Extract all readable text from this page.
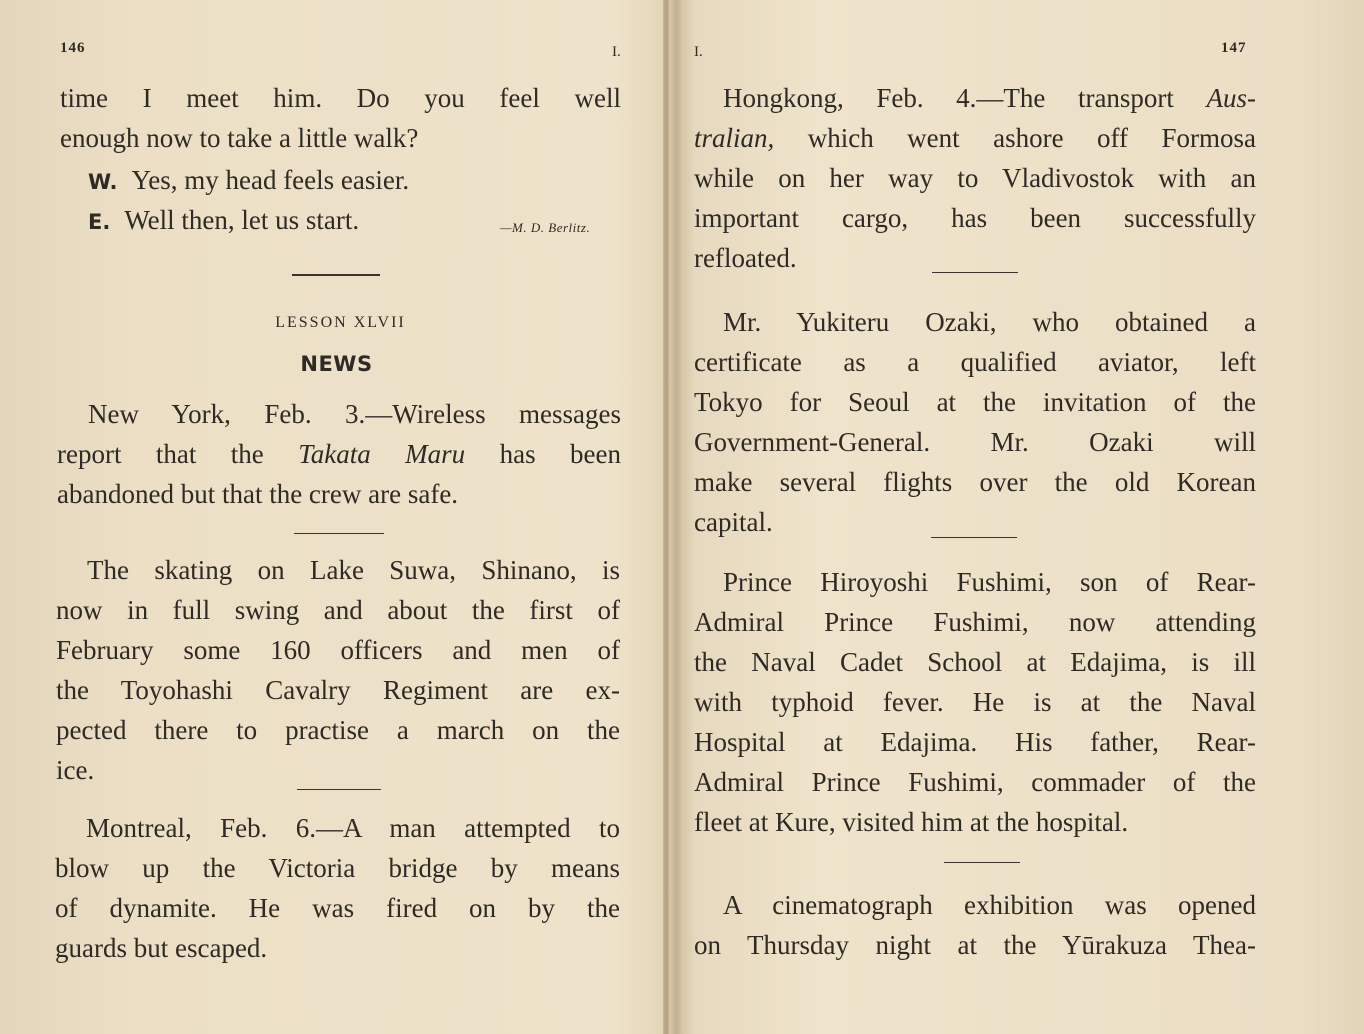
146	I.
time I meet him. Do you feel well
enough now to take a little walk?
W. Yes, my head feels easier.
E. Well then, let us start.	—M. D. Berlitz.
LESSON XLVII
NEWS
New York, Feb. 3.—Wireless messages
report that the Takata Maru has been
abandoned but that the crew are safe.
The skating on Lake Suwa, Shinano, is
now in full swing and about the first of
February some 160 officers and men of
the Toyohashi Cavalry Regiment are ex-
pected there to practise a march on the
ice.
Montreal, Feb. 6.—A man attempted to
blow up the Victoria bridge by means
of dynamite. He was fired on by the
guards but escaped.
I.	147
Hongkong, Feb. 4.—The transport Aus-
tralian, which went ashore off Formosa
while on her way to Vladivostok with an
important cargo, has been successfully
refloated.
Mr. Yukiteru Ozaki, who obtained a
certificate as a qualified aviator, left
Tokyo for Seoul at the invitation of the
Government-General. Mr. Ozaki will
make several flights over the old Korean
capital.
Prince Hiroyoshi Fushimi, son of Rear-
Admiral Prince Fushimi, now attending
the Naval Cadet School at Edajima, is ill
with typhoid fever. He is at the Naval
Hospital at Edajima. His father, Rear-
Admiral Prince Fushimi, commader of the
fleet at Kure, visited him at the hospital.
A cinematograph exhibition was opened
on Thursday night at the Yūrakuza Thea-
